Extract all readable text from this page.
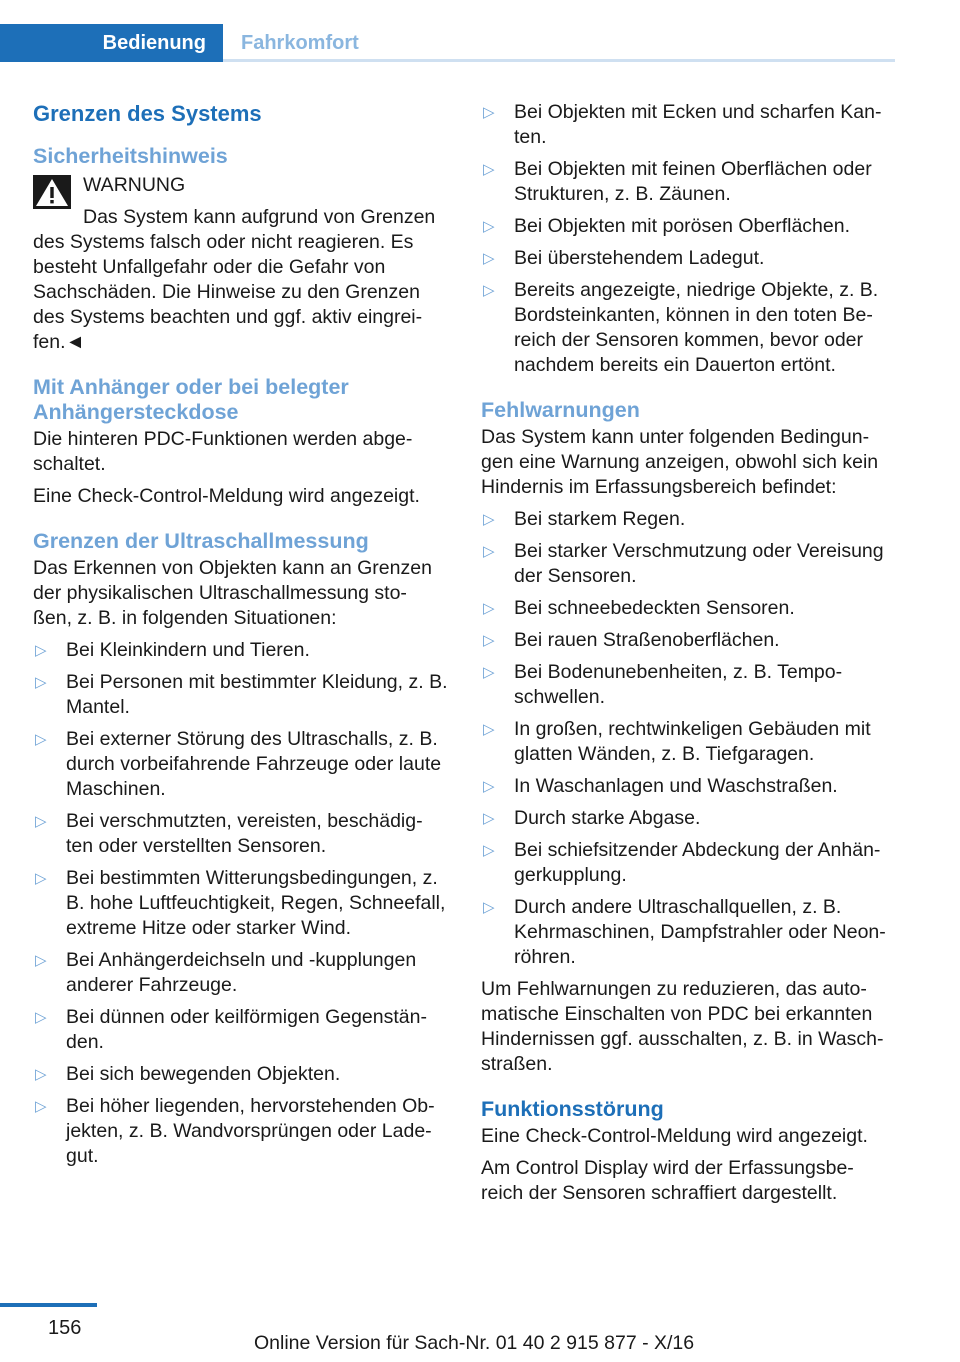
Bedienung	Fahrkomfort
Grenzen des Systems
Sicherheitshinweis
WARNUNG
Das System kann aufgrund von Grenzen des Systems falsch oder nicht reagieren. Es besteht Unfallgefahr oder die Gefahr von Sachschäden. Die Hinweise zu den Grenzen des Systems beachten und ggf. aktiv eingrei‐ fen.◄
Mit Anhänger oder bei belegter Anhängersteckdose
Die hinteren PDC-Funktionen werden abge‐ schaltet.
Eine Check-Control-Meldung wird angezeigt.
Grenzen der Ultraschallmessung
Das Erkennen von Objekten kann an Grenzen der physikalischen Ultraschallmessung sto‐ ßen, z. B. in folgenden Situationen:
▷ Bei Kleinkindern und Tieren.
▷ Bei Personen mit bestimmter Kleidung, z. B. Mantel.
▷ Bei externer Störung des Ultraschalls, z. B. durch vorbeifahrende Fahrzeuge oder laute Maschinen.
▷ Bei verschmutzten, vereisten, beschädig‐ ten oder verstellten Sensoren.
▷ Bei bestimmten Witterungsbedingungen, z. B. hohe Luftfeuchtigkeit, Regen, Schneefall, extreme Hitze oder starker Wind.
▷ Bei Anhängerdeichseln und -kupplungen anderer Fahrzeuge.
▷ Bei dünnen oder keilförmigen Gegenstän‐ den.
▷ Bei sich bewegenden Objekten.
▷ Bei höher liegenden, hervorstehenden Ob‐ jekten, z. B. Wandvorsprüngen oder Lade‐ gut.
▷ Bei Objekten mit Ecken und scharfen Kan‐ ten.
▷ Bei Objekten mit feinen Oberflächen oder Strukturen, z. B. Zäunen.
▷ Bei Objekten mit porösen Oberflächen.
▷ Bei überstehendem Ladegut.
▷ Bereits angezeigte, niedrige Objekte, z. B. Bordsteinkanten, können in den toten Be‐ reich der Sensoren kommen, bevor oder nachdem bereits ein Dauerton ertönt.
Fehlwarnungen
Das System kann unter folgenden Bedingun‐ gen eine Warnung anzeigen, obwohl sich kein Hindernis im Erfassungsbereich befindet:
▷ Bei starkem Regen.
▷ Bei starker Verschmutzung oder Vereisung der Sensoren.
▷ Bei schneebedeckten Sensoren.
▷ Bei rauen Straßenoberflächen.
▷ Bei Bodenunebenheiten, z. B. Tempo‐ schwellen.
▷ In großen, rechtwinkeligen Gebäuden mit glatten Wänden, z. B. Tiefgaragen.
▷ In Waschanlagen und Waschstraßen.
▷ Durch starke Abgase.
▷ Bei schiefsitzender Abdeckung der Anhän‐ gerkupplung.
▷ Durch andere Ultraschallquellen, z. B. Kehrmaschinen, Dampfstrahler oder Neon‐ röhren.
Um Fehlwarnungen zu reduzieren, das auto‐ matische Einschalten von PDC bei erkannten Hindernissen ggf. ausschalten, z. B. in Wasch‐ straßen.
Funktionsstörung
Eine Check-Control-Meldung wird angezeigt.
Am Control Display wird der Erfassungsbe‐ reich der Sensoren schraffiert dargestellt.
156
Online Version für Sach-Nr. 01 40 2 915 877 - X/16
